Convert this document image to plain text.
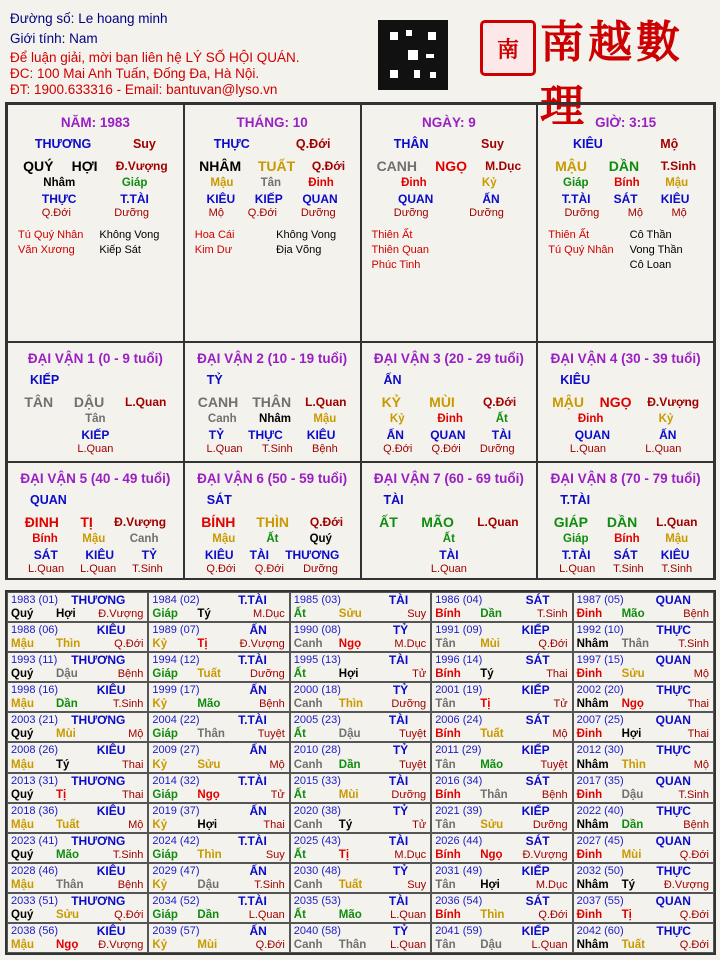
Đường số: Le hoang minh
Giới tính: Nam
Để luận giải, mời bạn liên hệ LÝ SỐ HỘI QUÁN.
ĐC: 100 Mai Anh Tuấn, Đống Đa, Hà Nội.
ĐT: 1900.633316 - Email: bantuvan@lyso.vn
南 南越數理
NĂM: 1983
THƯƠNG	Suy
QUÝ HỢI Đ.Vượng
Nhâm	Giáp
THỰC	T.TÀI
Q.Đới	Dưỡng
Tú Quý Nhân
Văn Xương
Không Vong
Kiếp Sát
THÁNG: 10
THỰC	Q.Đới
NHÂM TUẤT Q.Đới
Mậu Tân Đinh
KIÊU KIẾP QUAN
Mộ Q.Đới Dưỡng
Hoa Cái
Kim Dư
Không Vong
Địa Võng
NGÀY: 9
THÂN	Suy
CANH NGỌ M.Dục
Đinh	Kỷ
QUAN	ẤN
Dưỡng	Dưỡng
Thiên Ất
Thiên Quan
Phúc Tinh
GIỜ: 3:15
KIÊU	Mộ
MẬU DẦN T.Sinh
Giáp Bính Mậu
T.TÀI SÁT KIÊU
Dưỡng	Mộ	Mộ
Thiên Ất
Tú Quý Nhân
Cô Thần
Vong Thần
Cô Loan
ĐẠI VẬN 1 (0 - 9 tuổi)
KIẾP
TÂN DẬU L.Quan
Tân
KIẾP
L.Quan
ĐẠI VẬN 2 (10 - 19 tuổi)
TỶ
CANH THÂN L.Quan
Canh Nhâm Mậu
TỶ THỰC KIÊU
L.Quan T.Sinh Bệnh
ĐẠI VẬN 3 (20 - 29 tuổi)
ẤN
KỶ MÙI Q.Đới
Kỷ	Đinh	Ất
ẤN QUAN TÀI
Q.Đới Q.Đới Dưỡng
ĐẠI VẬN 4 (30 - 39 tuổi)
KIÊU
MẬU NGỌ Đ.Vượng
Đinh	Kỷ
QUAN	ẤN
L.Quan	L.Quan
ĐẠI VẬN 5 (40 - 49 tuổi)
QUAN
ĐINH TỊ Đ.Vượng
Bính Mậu Canh
SÁT KIÊU TỶ
L.Quan L.Quan T.Sinh
ĐẠI VẬN 6 (50 - 59 tuổi)
SÁT
BÍNH THÌN Q.Đới
Mậu	Ất	Quý
KIÊU TÀI THƯƠNG
Q.Đới Q.Đới Dưỡng
ĐẠI VẬN 7 (60 - 69 tuổi)
TÀI
ẤT MÃO L.Quan
Ất
TÀI
L.Quan
ĐẠI VẬN 8 (70 - 79 tuổi)
T.TÀI
GIÁP DẦN L.Quan
Giáp Bính Mậu
T.TÀI SÁT KIÊU
L.Quan T.Sinh T.Sinh
1983 (01) THƯƠNG
Quý Hợi Đ.Vượng
1984 (02)	T.TÀI
Giáp Tý	M.Dục
1985 (03)	TÀI
Ất	Sửu	Suy
1986 (04)	SÁT
Bính Dần	T.Sinh
1987 (05)	QUAN
Đinh Mão	Bệnh
1988 (06)	KIÊU
Mậu Thìn	Q.Đới
1989 (07)	ẤN
Kỷ	Tị	Đ.Vượng
1990 (08)	TỶ
Canh Ngọ	M.Dục
1991 (09)	KIẾP
Tân Mùi	Q.Đới
1992 (10)	THỰC
Nhâm Thân	T.Sinh
1993 (11) THƯƠNG
Quý Dậu	Bệnh
1994 (12)	T.TÀI
Giáp Tuất	Dưỡng
1995 (13)	TÀI
Ất	Hợi	Tử
1996 (14)	SÁT
Bính Tý	Thai
1997 (15)	QUAN
Đinh Sửu	Mộ
1998 (16)	KIÊU
Mậu Dần	T.Sinh
1999 (17)	ẤN
Kỷ	Mão	Bệnh
2000 (18)	TỶ
Canh Thìn	Dưỡng
2001 (19)	KIẾP
Tân Tị	Tử
2002 (20)	THỰC
Nhâm Ngọ	Thai
2003 (21) THƯƠNG
Quý Mùi	Mộ
2004 (22)	T.TÀI
Giáp Thân	Tuyệt
2005 (23)	TÀI
Ất	Dậu	Tuyệt
2006 (24)	SÁT
Bính Tuất	Mộ
2007 (25)	QUAN
Đinh Hợi	Thai
2008 (26)	KIÊU
Mậu Tý	Thai
2009 (27)	ẤN
Kỷ	Sửu	Mộ
2010 (28)	TỶ
Canh Dần	Tuyệt
2011 (29)	KIẾP
Tân Mão	Tuyệt
2012 (30)	THỰC
Nhâm Thìn	Mộ
2013 (31) THƯƠNG
Quý Tị	Thai
2014 (32)	T.TÀI
Giáp Ngọ	Tử
2015 (33)	TÀI
Ất	Mùi	Dưỡng
2016 (34)	SÁT
Bính Thân	Bệnh
2017 (35)	QUAN
Đinh Dậu	T.Sinh
2018 (36)	KIÊU
Mậu Tuất	Mộ
2019 (37)	ẤN
Kỷ	Hợi	Thai
2020 (38)	TỶ
Canh Tý	Tử
2021 (39)	KIẾP
Tân Sửu	Dưỡng
2022 (40)	THỰC
Nhâm Dần	Bệnh
2023 (41) THƯƠNG
Quý Mão	T.Sinh
2024 (42)	T.TÀI
Giáp Thìn	Suy
2025 (43)	TÀI
Ất	Tị	M.Dục
2026 (44)	SÁT
Bính Ngọ Đ.Vượng
2027 (45)	QUAN
Đinh Mùi	Q.Đới
2028 (46)	KIÊU
Mậu Thân	Bệnh
2029 (47)	ẤN
Kỷ	Dậu	T.Sinh
2030 (48)	TỶ
Canh Tuất	Suy
2031 (49)	KIẾP
Tân Hợi	M.Dục
2032 (50)	THỰC
Nhâm Tý	Đ.Vượng
2033 (51) THƯƠNG
Quý Sửu	Q.Đới
2034 (52)	T.TÀI
Giáp Dần	L.Quan
2035 (53)	TÀI
Ất	Mão	L.Quan
2036 (54)	SÁT
Bính Thìn	Q.Đới
2037 (55)	QUAN
Đinh Tị	Q.Đới
2038 (56)	KIÊU
Mậu Ngọ Đ.Vượng
2039 (57)	ẤN
Kỷ	Mùi	Q.Đới
2040 (58)	TỶ
Canh Thân L.Quan
2041 (59)	KIẾP
Tân Dậu	L.Quan
2042 (60)	THỰC
Nhâm Tuất	Q.Đới
